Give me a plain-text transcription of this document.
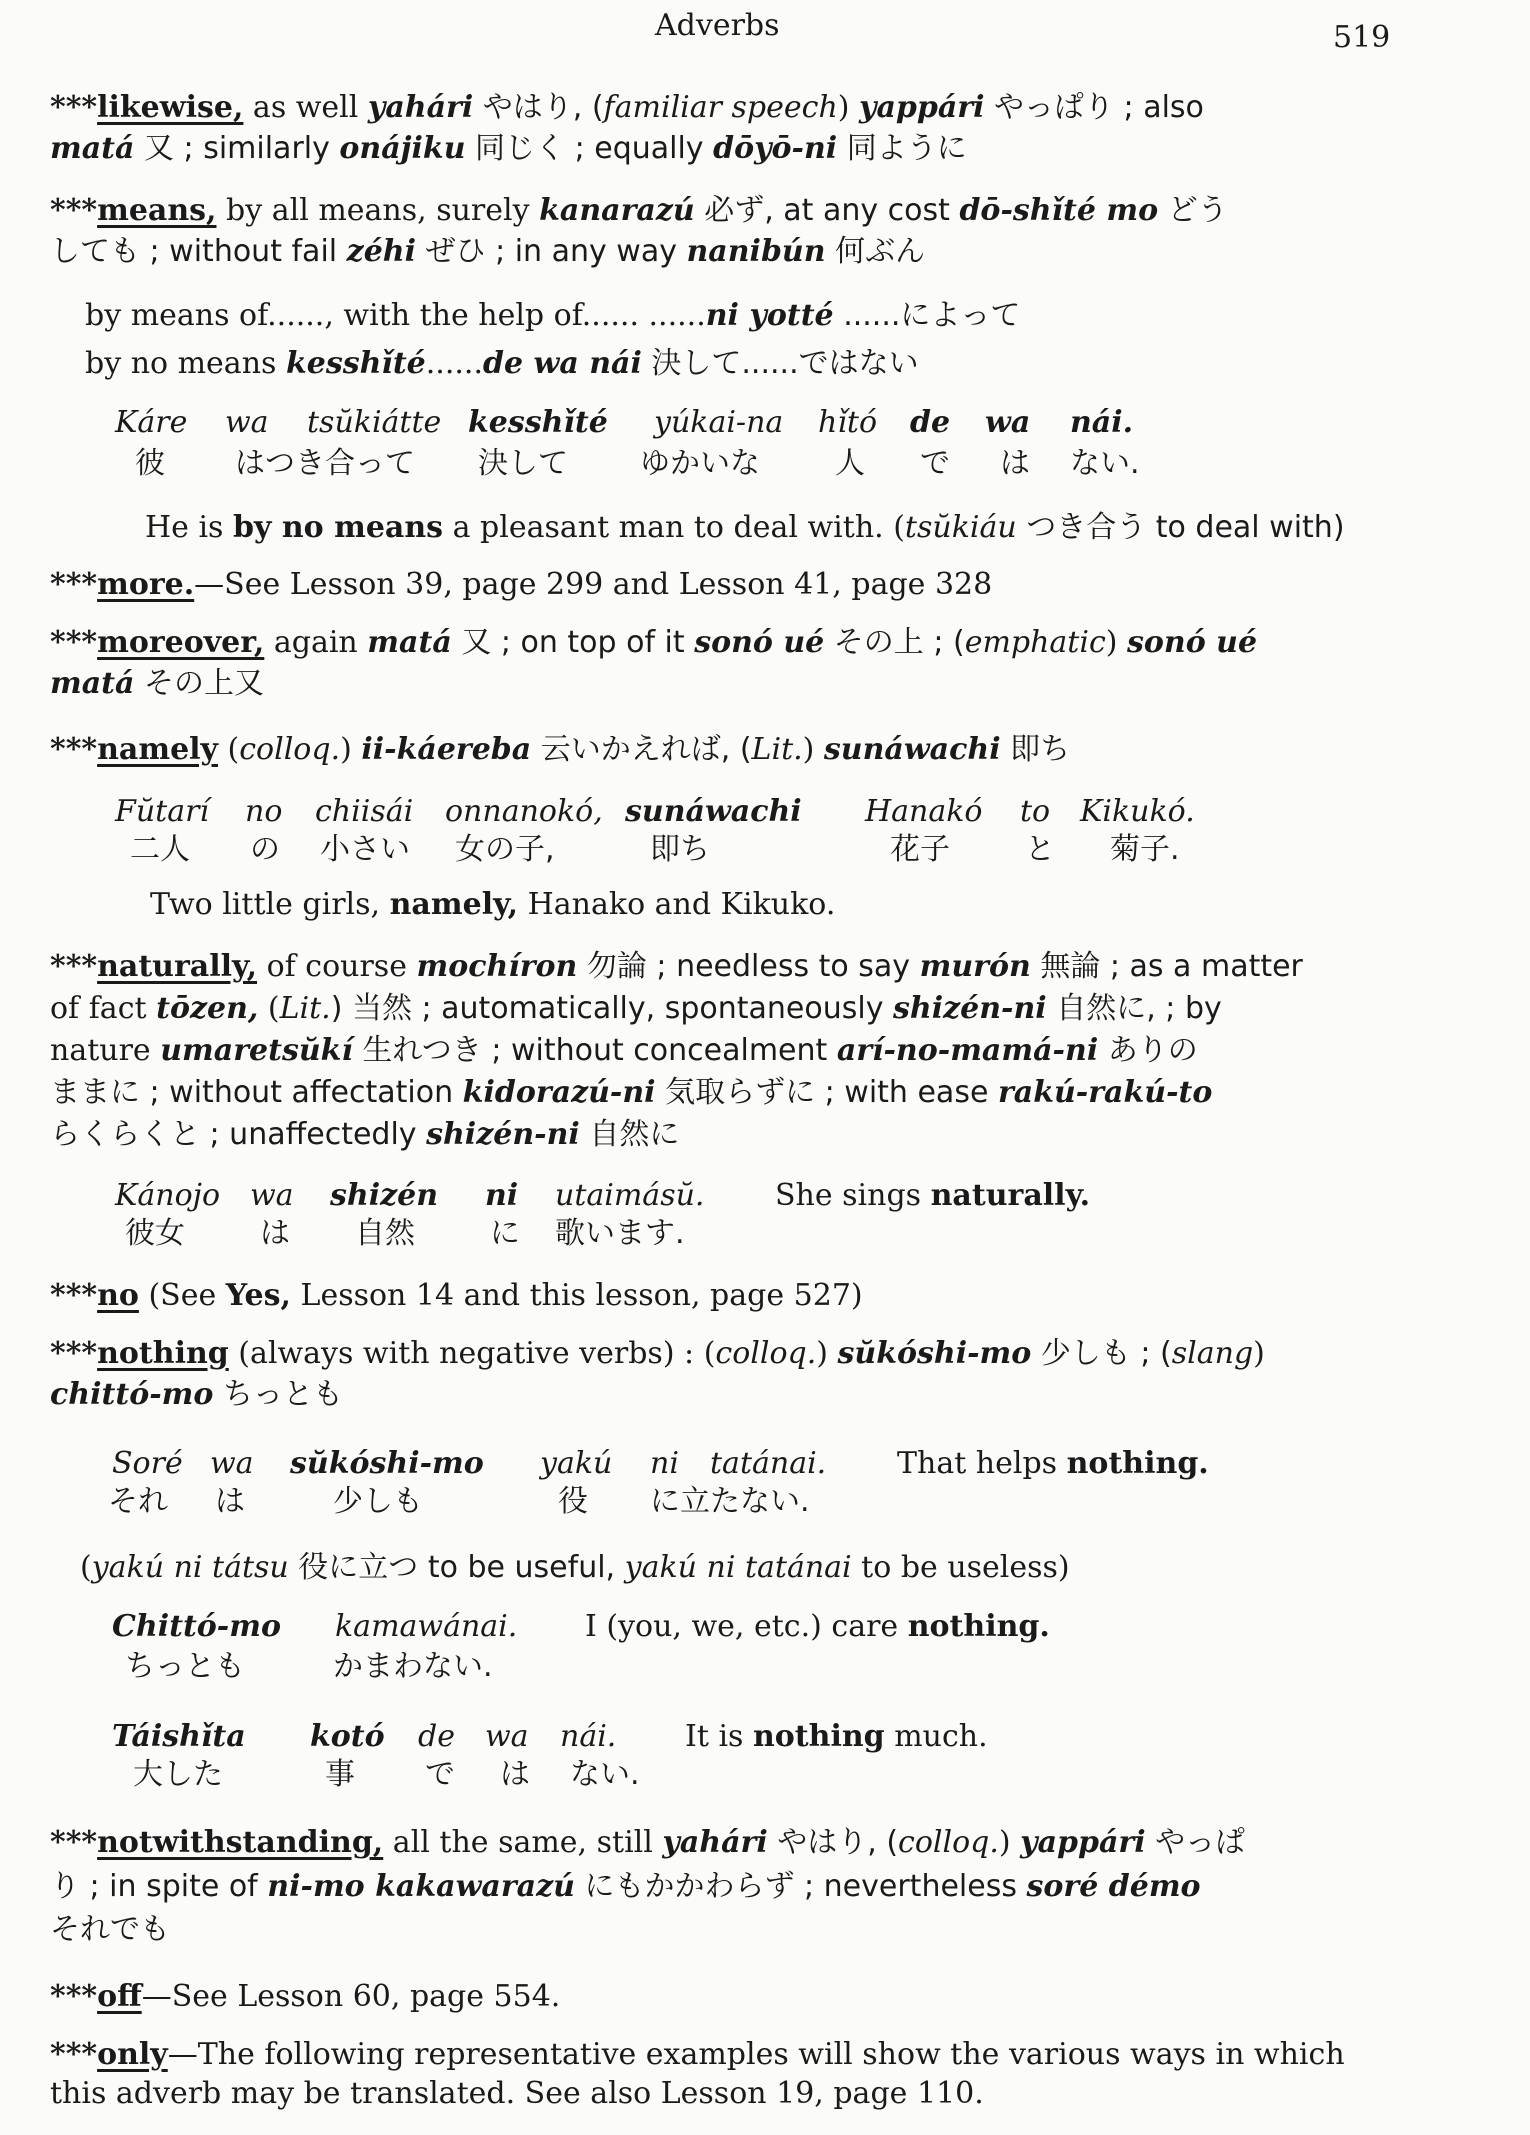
Adverbs	519
***likewise, as well yahári やはり, (familiar speech) yappári やっぱり ; also
matá 又 ; similarly onájiku 同じく ; equally dōyō-ni 同ように
***means, by all means, surely kanarazú 必ず, at any cost dō-shǐté mo どう
しても ; without fail zéhi ぜひ ; in any way nanibún 何ぶん
by means of......, with the help of...... ......ni yotté ......によって
by no means kesshǐté......de wa nái 決して......ではない
Káre wa tsŭkiátte kesshǐté yúkai-na hǐtó de wa nái.
彼 はつき合って 決して ゆかいな	人 で は ない.
He is by no means a pleasant man to deal with. (tsŭkiáu つき合う to deal with)
***more.—See Lesson 39, page 299 and Lesson 41, page 328
***moreover, again matá 又 ; on top of it sonó ué その上 ; (emphatic) sonó ué
matá その上又
***namely (colloq.) ii-káereba 云いかえれば, (Lit.) sunáwachi 即ち
Fŭtarí no chiisái onnanokó, sunáwachi Hanakó to Kikukó.
二人 の 小さい 女の子,	即ち	花子	と 菊子.
Two little girls, namely, Hanako and Kikuko.
***naturally, of course mochíron 勿論 ; needless to say murón 無論 ; as a matter
of fact tōzen, (Lit.) 当然 ; automatically, spontaneously shizén-ni 自然に, ; by
nature umaretsŭkí 生れつき ; without concealment arí-no-mamá-ni ありの
ままに ; without affectation kidorazú-ni 気取らずに ; with ease rakú-rakú-to
らくらくと ; unaffectedly shizén-ni 自然に
Kánojo wa shizén ni utaimásŭ. She sings naturally.
彼女	は 自然	に 歌います.
***no (See Yes, Lesson 14 and this lesson, page 527)
***nothing (always with negative verbs) : (colloq.) sŭkóshi-mo 少しも ; (slang)
chittó-mo ちっとも
Soré wa sŭkóshi-mo yakú ni tatánai. That helps nothing.
それ は	少しも	役 に立たない.
(yakú ni tátsu 役に立つ to be useful, yakú ni tatánai to be useless)
Chittó-mo kamawánai. I (you, we, etc.) care nothing.
ちっとも	かまわない.
Táishǐta kotó de wa nái. It is nothing much.
大した	事 で は ない.
***notwithstanding, all the same, still yahári やはり, (colloq.) yappári やっぱ
り ; in spite of ni-mo kakawarazú にもかかわらず ; nevertheless soré démo
それでも
***off—See Lesson 60, page 554.
***only—The following representative examples will show the various ways in which
this adverb may be translated. See also Lesson 19, page 110.
